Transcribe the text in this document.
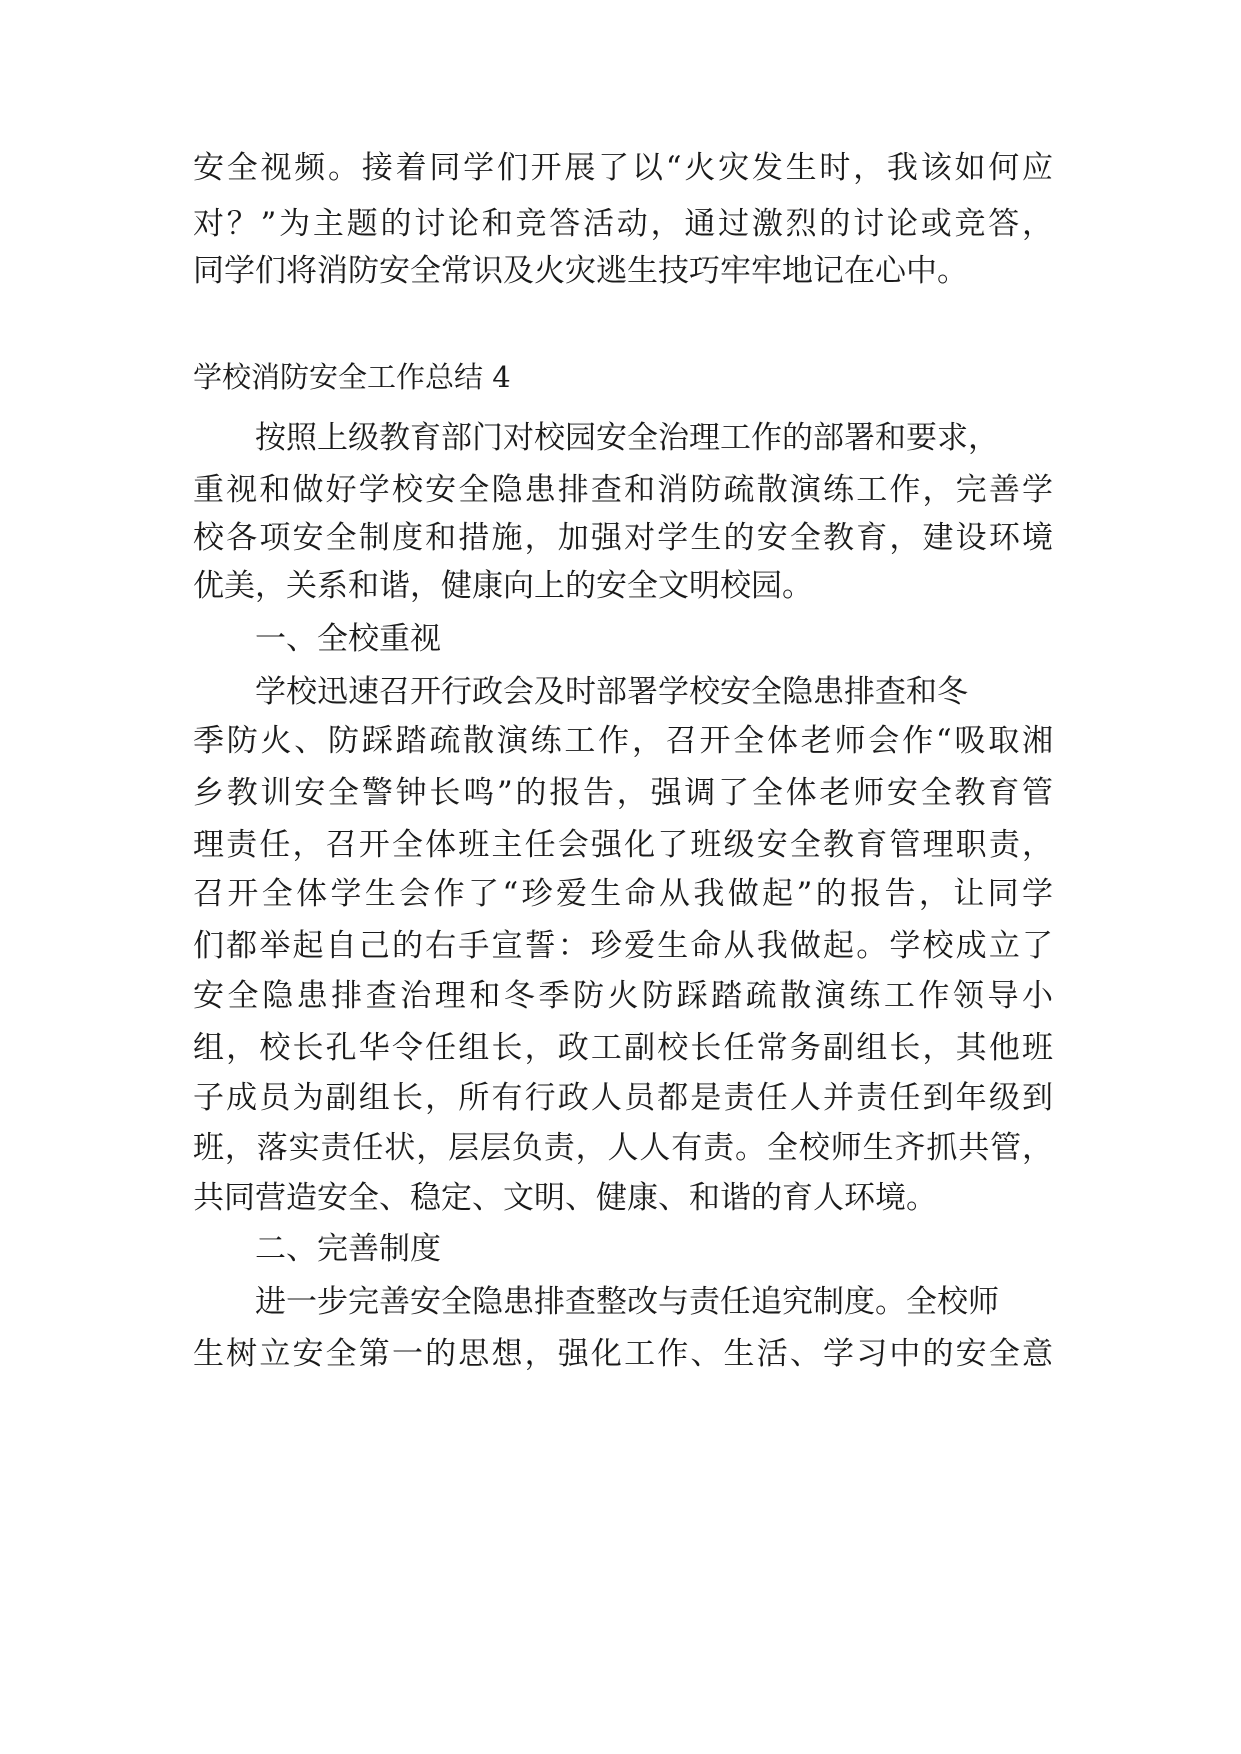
安全视频。接着同学们开展了以“火灾发生时，我该如何应
对？”为主题的讨论和竞答活动，通过激烈的讨论或竞答，
同学们将消防安全常识及火灾逃生技巧牢牢地记在心中。
学校消防安全工作总结 4
按照上级教育部门对校园安全治理工作的部署和要求，
重视和做好学校安全隐患排查和消防疏散演练工作，完善学
校各项安全制度和措施，加强对学生的安全教育，建设环境
优美，关系和谐，健康向上的安全文明校园。
一、全校重视
学校迅速召开行政会及时部署学校安全隐患排查和冬
季防火、防踩踏疏散演练工作，召开全体老师会作“吸取湘
乡教训安全警钟长鸣”的报告，强调了全体老师安全教育管
理责任，召开全体班主任会强化了班级安全教育管理职责，
召开全体学生会作了“珍爱生命从我做起”的报告，让同学
们都举起自己的右手宣誓：珍爱生命从我做起。学校成立了
安全隐患排查治理和冬季防火防踩踏疏散演练工作领导小
组，校长孔华令任组长，政工副校长任常务副组长，其他班
子成员为副组长，所有行政人员都是责任人并责任到年级到
班，落实责任状，层层负责，人人有责。全校师生齐抓共管，
共同营造安全、稳定、文明、健康、和谐的育人环境。
二、完善制度
进一步完善安全隐患排查整改与责任追究制度。全校师
生树立安全第一的思想，强化工作、生活、学习中的安全意
